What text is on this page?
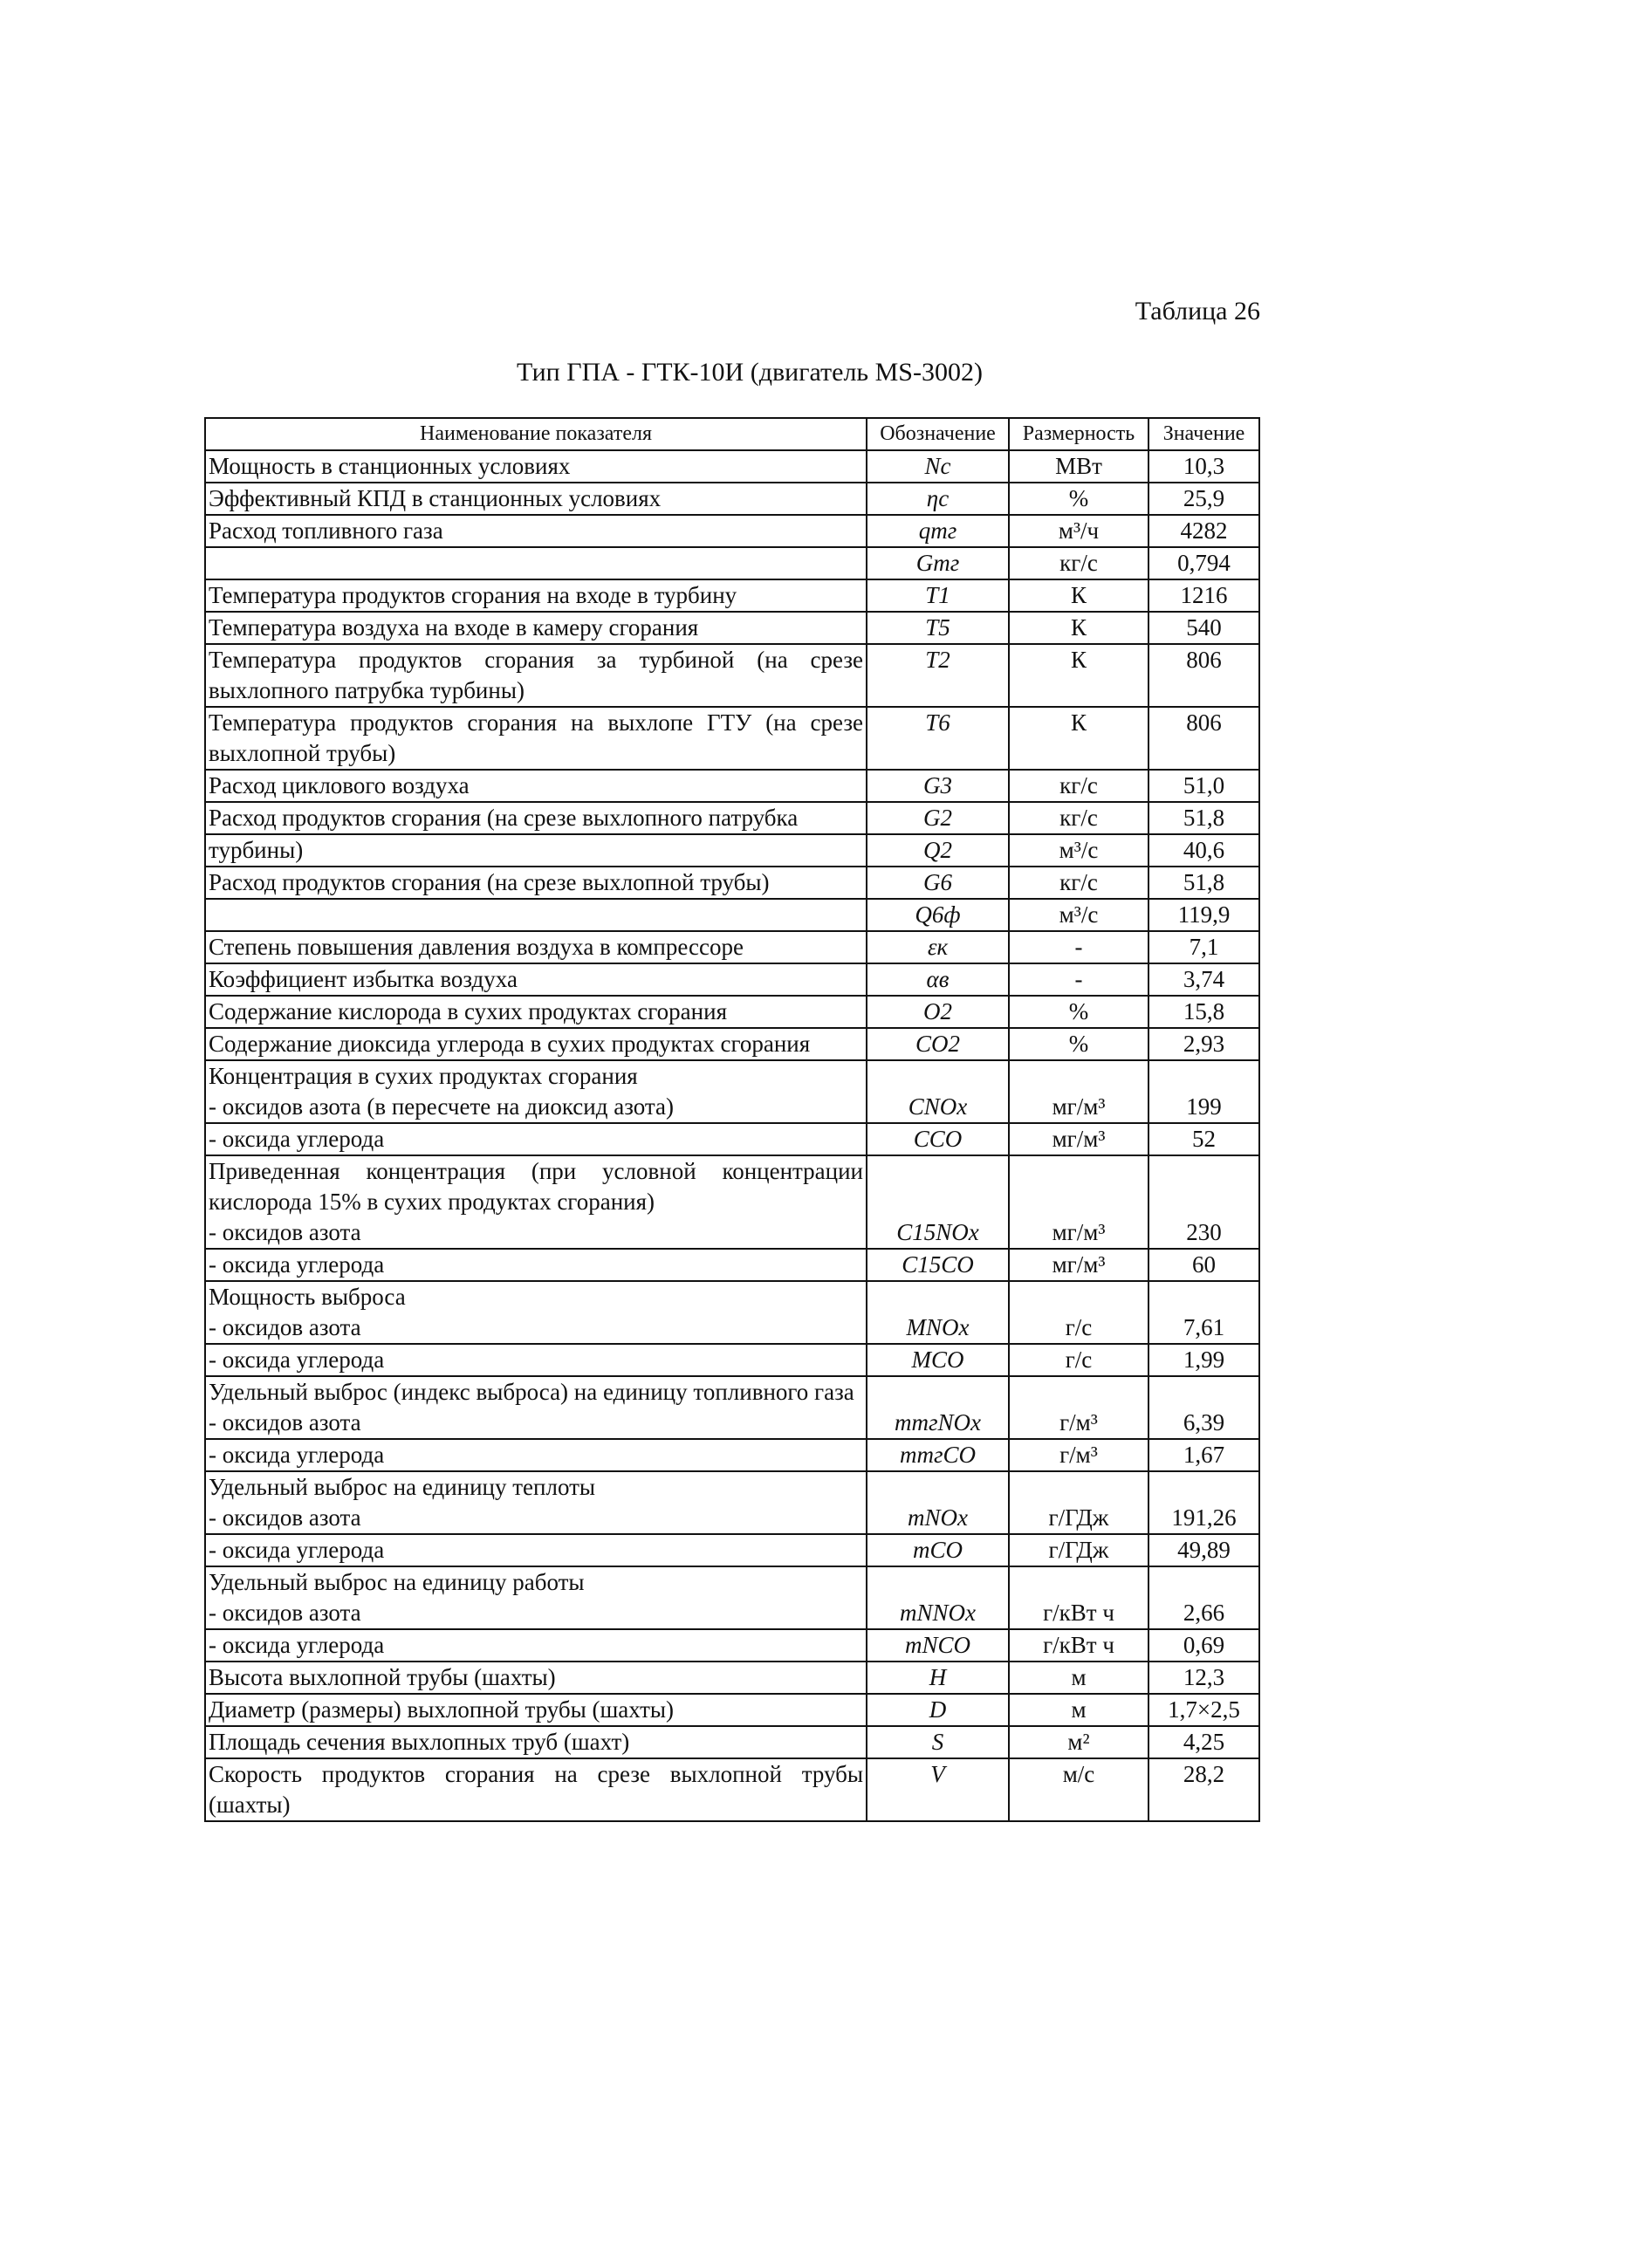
Таблица 26
Тип ГПА - ГТК-10И (двигатель MS-3002)
Наименование показателя	Обозначение	Размерность	Значение
Мощность в станционных условиях	Nс	МВт	10,3
Эффективный КПД в станционных условиях	ηс	%	25,9
Расход топливного газа	qтг	м³/ч	4282
	Gтг	кг/с	0,794
Температура продуктов сгорания на входе в турбину	T1	К	1216
Температура воздуха на входе в камеру сгорания	T5	К	540
Температура продуктов сгорания за турбиной (на срезе выхлопного патрубка турбины)	T2	К	806
Температура продуктов сгорания на выхлопе ГТУ (на срезе выхлопной трубы)	T6	К	806
Расход циклового воздуха	G3	кг/с	51,0
Расход продуктов сгорания (на срезе выхлопного патрубка	G2	кг/с	51,8
турбины)	Q2	м³/с	40,6
Расход продуктов сгорания (на срезе выхлопной трубы)	G6	кг/с	51,8
	Q6ф	м³/с	119,9
Степень повышения давления воздуха в компрессоре	εк	-	7,1
Коэффициент избытка воздуха	αв	-	3,74
Содержание кислорода в сухих продуктах сгорания	O2	%	15,8
Содержание диоксида углерода в сухих продуктах сгорания	CO2	%	2,93
Концентрация в сухих продуктах сгорания
- оксидов азота (в пересчете на диоксид азота)	CNOx	мг/м³	199
- оксида углерода	CCO	мг/м³	52
Приведенная концентрация (при условной концентрации кислорода 15% в сухих продуктах сгорания)
- оксидов азота	C15NOx	мг/м³	230
- оксида углерода	C15CO	мг/м³	60
Мощность выброса
- оксидов азота	MNOx	г/с	7,61
- оксида углерода	MCO	г/с	1,99
Удельный выброс (индекс выброса) на единицу топливного газа
- оксидов азота	mтгNOx	г/м³	6,39
- оксида углерода	mтгCO	г/м³	1,67
Удельный выброс на единицу теплоты
- оксидов азота	mNOx	г/ГДж	191,26
- оксида углерода	mCO	г/ГДж	49,89
Удельный выброс на единицу работы
- оксидов азота	mNNOx	г/кВт ч	2,66
- оксида углерода	mNCO	г/кВт ч	0,69
Высота выхлопной трубы (шахты)	H	м	12,3
Диаметр (размеры) выхлопной трубы (шахты)	D	м	1,7×2,5
Площадь сечения выхлопных труб (шахт)	S	м²	4,25
Скорость продуктов сгорания на срезе выхлопной трубы (шахты)	V	м/с	28,2
